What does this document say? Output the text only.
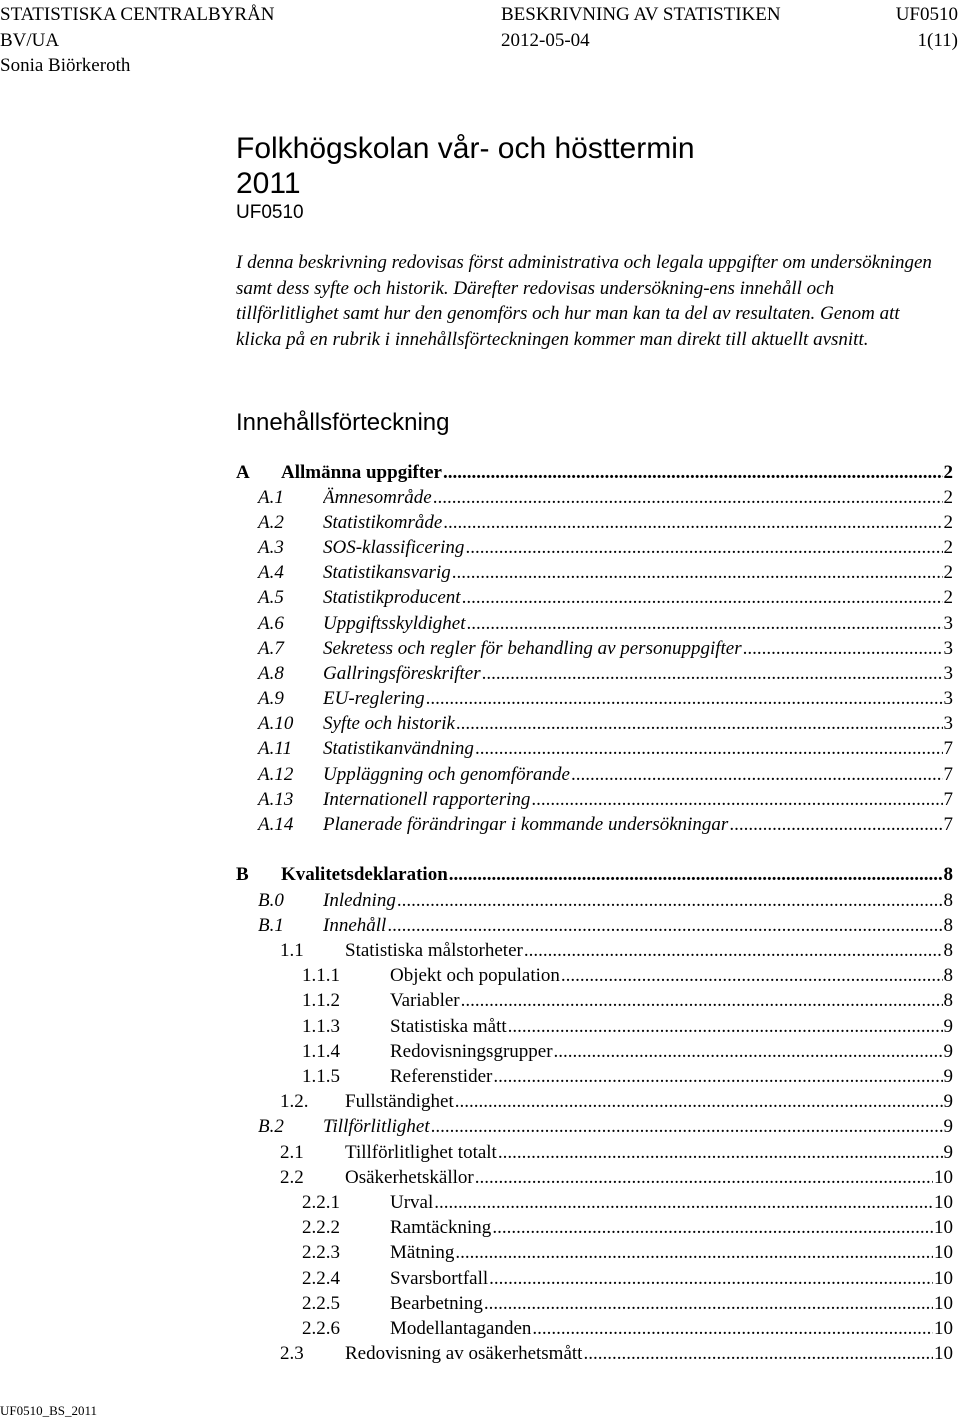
STATISTISKA CENTRALBYRÅN	BESKRIVNING AV STATISTIKEN	UF0510
BV/UA	2012-05-04	1(11)
Sonia Biörkeroth
Folkhögskolan vår- och hösttermin
2011
UF0510

I denna beskrivning redovisas först administrativa och legala uppgifter om undersökningen samt dess syfte och historik. Därefter redovisas undersökning-ens innehåll och tillförlitlighet samt hur den genomförs och hur man kan ta del av resultaten. Genom att klicka på en rubrik i innehållsförteckningen kommer man direkt till aktuellt avsnitt.

Innehållsförteckning
A Allmänna uppgifter .....	2
A.1 Ämnesområde .....	2
A.2 Statistikområde .....	2
A.3 SOS-klassificering .....	2
A.4 Statistikansvarig .....	2
A.5 Statistikproducent .....	2
A.6 Uppgiftsskyldighet .....	3
A.7 Sekretess och regler för behandling av personuppgifter .....	3
A.8 Gallringsföreskrifter .....	3
A.9 EU-reglering .....	3
A.10 Syfte och historik .....	3
A.11 Statistikanvändning .....	7
A.12 Uppläggning och genomförande .....	7
A.13 Internationell rapportering .....	7
A.14 Planerade förändringar i kommande undersökningar .....	7
B Kvalitetsdeklaration .....	8
B.0 Inledning .....	8
B.1 Innehåll .....	8
1.1 Statistiska målstorheter .....	8
1.1.1	Objekt och population .....	8
1.1.2	Variabler .....	8
1.1.3	Statistiska mått .....	9
1.1.4	Redovisningsgrupper .....	9
1.1.5	Referenstider .....	9
1.2. Fullständighet .....	9
B.2 Tillförlitlighet .....	9
2.1 Tillförlitlighet totalt .....	9
2.2 Osäkerhetskällor .....	10
2.2.1	Urval .....	10
2.2.2	Ramtäckning .....	10
2.2.3	Mätning .....	10
2.2.4	Svarsbortfall .....	10
2.2.5	Bearbetning .....	10
2.2.6	Modellantaganden .....	10
2.3 Redovisning av osäkerhetsmått .....	10
UF0510_BS_2011
